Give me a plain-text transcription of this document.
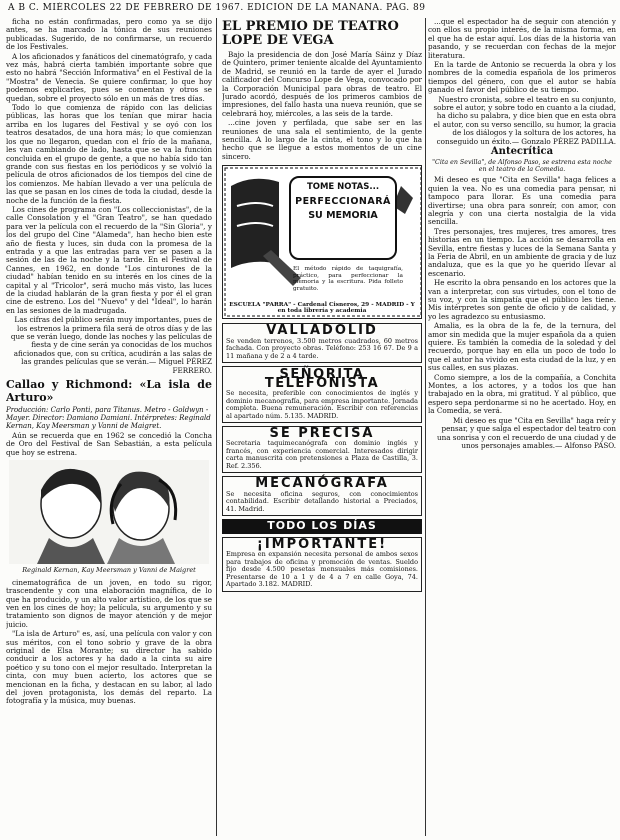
A B C. MIÉRCOLES 22 DE FEBRERO DE 1967. EDICIÓN DE LA MAÑANA. PÁG. 89

ficha no están confirmadas, pero como ya se dijo antes, se ha marcado la tónica de sus reuniones publicadas. Sugerido, de no confirmarse, un recuerdo de los Festivales.

A los aficionados y fanáticos del cinematógrafo, y cada vez más, habrá cierta también importante sobre que esto no habrá "Sección Informativa" en el Festival de la "Mostra" de Venecia. Se quiere confirmar, lo que hoy podemos explicarles, pues se comentan y otros se quedan, sobre el proyecto sólo en un más de tres días.

Todo lo que comienza de rápido con las delicias públicas, las horas que los tenían que mirar hacia arriba en los lugares del Festival y se oyó con los teatros desatados, de una hora más; lo que comienzan los que no llegaron, quedan con el frío de la mañana, les van cambiando de lado, hasta que se va la función concluida en el grupo de gente, a que no había sido tan grande con sus fiestas en los periódicos y se volvió la película de otros aficionados de los tiempos del cine de los comienzos. Me habían llevado a ver una película de las que se pasan en los cines de toda la ciudad, desde la noche de la función de la fiesta.

Los cines de programa con "Los colleccionistas", de la calle Consolation y el "Gran Teatro", se han quedado para ver la película con el recuerdo de la "Sin Gloria", y los del grupo del Cine "Alameda", han hecho bien este año de fiesta y luces, sin duda con la promesa de la entrada y a que las entradas para ver se pasen a la sesión de las de la noche y la tarde. En el Festival de Cannes, en 1962, en donde "Los cinturones de la ciudad" habían tenido en su interés en los cines de la capital y al "Tricolor", será mucho más visto, las luces de la ciudad hablarán de la gran fiesta y por él el gran cine de estreno. Los del "Nuevo" y del "Ideal", lo harán en las sesiones de la madrugada.

Las cifras del público serán muy importantes, pues de los estrenos la primera fila será de otros días y de las que se verán luego, donde las noches y las películas de fiesta y de cine serán ya conocidas de los muchos aficionados que, con su crítica, acudirán a las salas de las grandes películas que se verán.— Miguel PÉREZ FERRERO.

Callao y Richmond: «La isla de Arturo»
Producción: Carlo Ponti, para Titanus. Metro - Goldwyn - Mayer. Director: Damiano Damiani. Intérpretes: Reginald Kernan, Kay Meersman y Vanni de Maigret.

Aún se recuerda que en 1962 se concedió la Concha de Oro del Festival de San Sebastián, a esta película que hoy se estrena.

Reginald Kernan, Kay Meersman y Vanni de Maigret

cinematográfica de un joven, en todo su rigor, trascendente y con una elaboración magnífica, de lo que ha producido, y un alto valor artístico, de los que se ven en los cines de hoy; la película, su argumento y su tratamiento son dignos de mayor atención y de mejor juicio.

"La isla de Arturo" es, así, una película con valor y con sus méritos, con el tono sobrio y grave de la obra original de Elsa Morante; su director ha sabido conducir a los actores y ha dado a la cinta su aire poético y su tono con el mejor resultado. Interpretan la cinta, con muy buen acierto, los actores que se mencionan en la ficha, y destacan en su labor, al lado del joven protagonista, los demás del reparto. La fotografía y la música, muy buenas.

EL PREMIO DE TEATRO LOPE DE VEGA

Bajo la presidencia de don José María Sáinz y Díaz de Quintero, primer teniente alcalde del Ayuntamiento de Madrid, se reunió en la tarde de ayer el Jurado calificador del Concurso Lope de Vega, convocado por la Corporación Municipal para obras de teatro. El Jurado acordó, después de los primeros cambios de impresiones, del fallo hasta una nueva reunión, que se celebrará hoy, miércoles, a las seis de la tarde.

...cine joven y perfilada, que sabe ser en las reuniones de una sala el sentimiento, de la gente sencilla. A lo largo de la cinta, el tono y lo que ha hecho que se llegue a estos momentos de un cine sincero.

TOME NOTAS...
PERFECCIONARÁ
SU MEMORIA
El método rápido de taquigrafía, práctico, para perfeccionar la memoria y la escritura. Pida folleto gratuito.
ESCUELA "PARRA" - Cardenal Cisneros, 29 - MADRID - Y en toda librería y academia
VALLADOLID
Se venden terrenos, 3.500 metros cuadrados, 60 metros fachada. Con proyecto obras. Teléfono: 253 16 67. De 9 a 11 mañana y de 2 a 4 tarde.
SEÑORITA TELEFONISTA
Se necesita, preferible con conocimientos de inglés y dominio mecanografía, para empresa importante. Jornada completa. Buena remuneración. Escribir con referencias al apartado núm. 5.135. MADRID.
SE PRECISA
Secretaria taquimecanógrafa con dominio inglés y francés, con experiencia comercial. Interesados dirigir carta manuscrita con pretensiones a Plaza de Castilla, 3. Ref. 2.356.
MECANÓGRAFA
Se necesita oficina seguros, con conocimientos contabilidad. Escribir detallando historial a Preciados, 41. Madrid.
TODO LOS DÍAS
¡IMPORTANTE!
Empresa en expansión necesita personal de ambos sexos para trabajos de oficina y promoción de ventas. Sueldo fijo desde 4.500 pesetas mensuales más comisiones. Presentarse de 10 a 1 y de 4 a 7 en calle Goya, 74. Apartado 3.182. MADRID.

...que el espectador ha de seguir con atención y con ellos su propio interés, de la misma forma, en el que ha de estar aquí. Los días de la historia van pasando, y se recuerdan con fechas de la mejor literatura.

En la tarde de Antonio se recuerda la obra y los nombres de la comedia española de los primeros tiempos del género, con que el autor se había ganado el favor del público de su tiempo.

Nuestro cronista, sobre el teatro en su conjunto, sobre el autor, y sobre todo en cuanto a la ciudad, ha dicho su palabra, y dice bien que en esta obra el autor, con su verso sencillo, su humor, la gracia de los diálogos y la soltura de los actores, ha conseguido un éxito.— Gonzalo PÉREZ PADILLA.

Antecrítica
"Cita en Sevilla", de Alfonso Paso, se estrena esta noche en el teatro de la Comedia.

Mi deseo es que "Cita en Sevilla" haga felices a quien la vea. No es una comedia para pensar, ni tampoco para llorar. Es una comedia para divertirse; una obra para sonreír, con amor, con alegría y con una cierta nostalgia de la vida sencilla.

Tres personajes, tres mujeres, tres amores, tres historias en un tiempo. La acción se desarrolla en Sevilla, entre fiestas y luces de la Semana Santa y la Feria de Abril, en un ambiente de gracia y de luz andaluza, que es la que yo he querido llevar al escenario.

He escrito la obra pensando en los actores que la van a interpretar, con sus virtudes, con el tono de su voz, y con la simpatía que el público les tiene. Mis intérpretes son gente de oficio y de calidad, y yo les agradezco su entusiasmo.

Amalia, es la obra de la fe, de la ternura, del amor sin medida que la mujer española da a quien quiere. Es también la comedia de la soledad y del recuerdo, porque hay en ella un poco de todo lo que el autor ha vivido en esta ciudad de la luz, y en sus calles, en sus plazas.

Como siempre, a los de la compañía, a Conchita Montes, a los actores, y a todos los que han trabajado en la obra, mi gratitud. Y al público, que espero sepa perdonarme si no he acertado. Hoy, en la Comedia, se verá.

Mi deseo es que "Cita en Sevilla" haga reír y pensar, y que salga el espectador del teatro con una sonrisa y con el recuerdo de una ciudad y de unos personajes amables.— Alfonso PASO.
